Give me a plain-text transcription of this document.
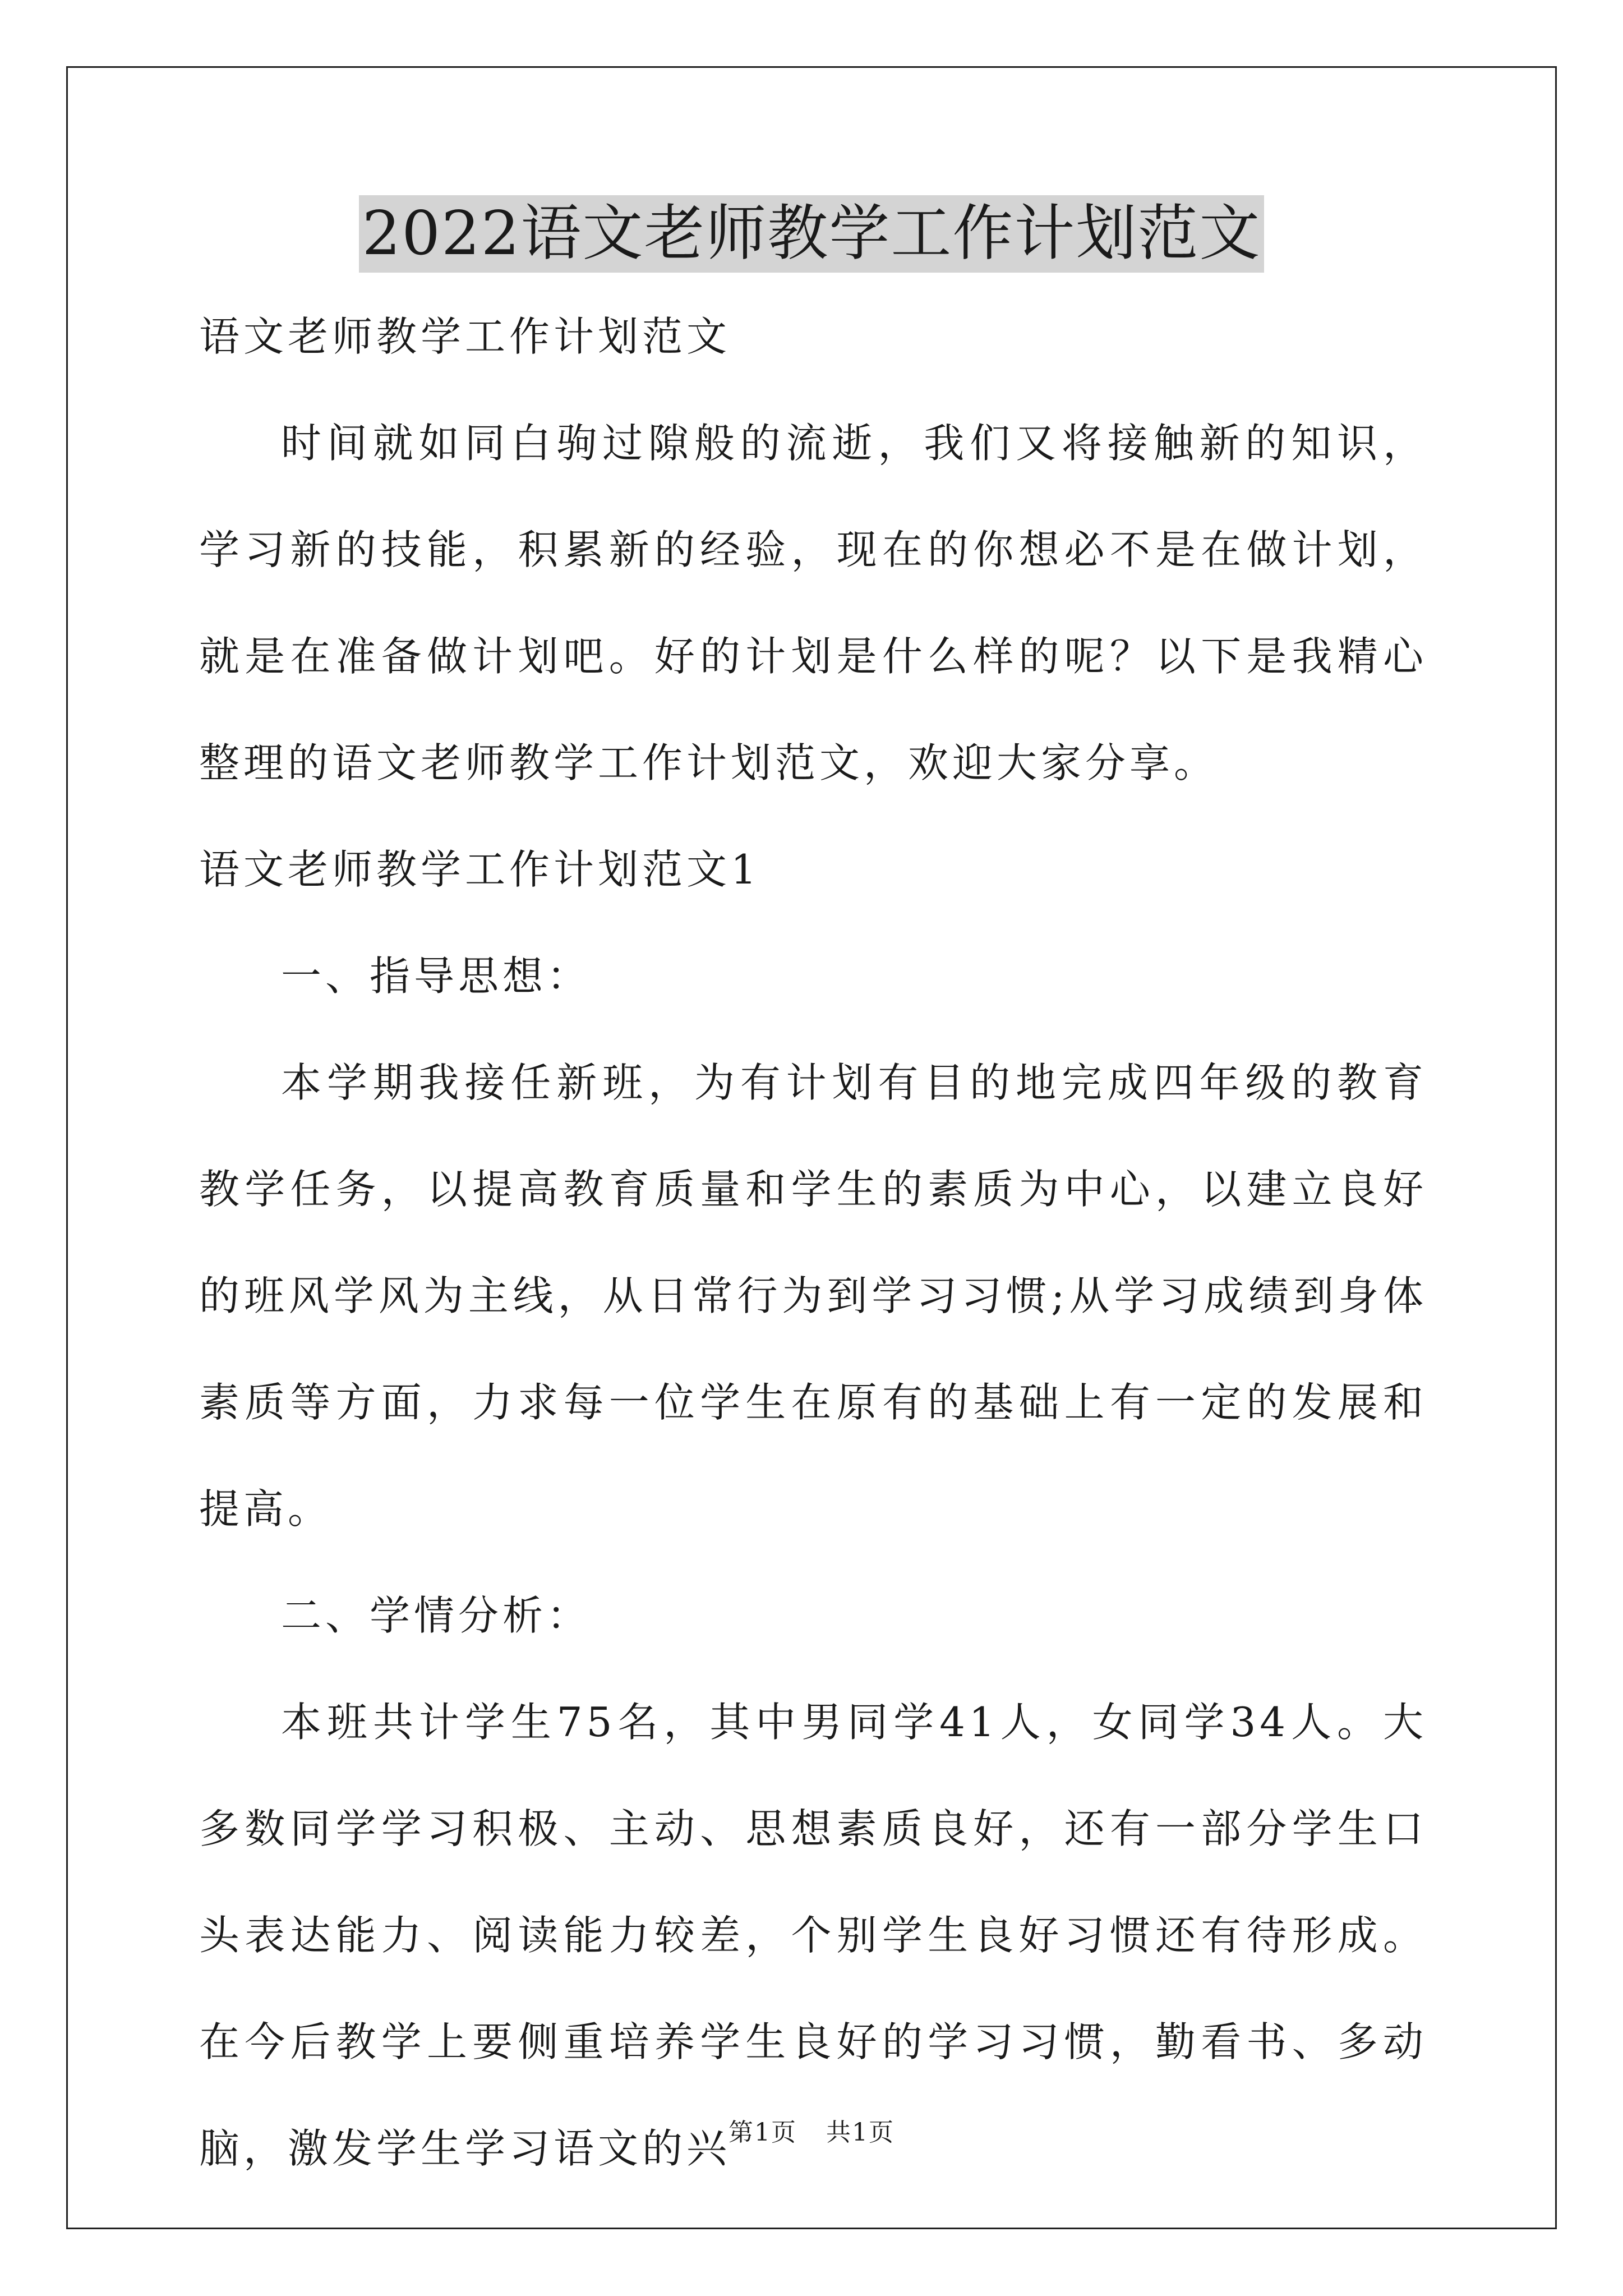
2022语文老师教学工作计划范文

语文老师教学工作计划范文

时间就如同白驹过隙般的流逝，我们又将接触新的知识，学习新的技能，积累新的经验，现在的你想必不是在做计划，就是在准备做计划吧。好的计划是什么样的呢？以下是我精心整理的语文老师教学工作计划范文，欢迎大家分享。

语文老师教学工作计划范文1

一、指导思想：

本学期我接任新班，为有计划有目的地完成四年级的教育教学任务，以提高教育质量和学生的素质为中心，以建立良好的班风学风为主线，从日常行为到学习习惯;从学习成绩到身体素质等方面，力求每一位学生在原有的基础上有一定的发展和提高。

二、学情分析：

本班共计学生75名，其中男同学41人，女同学34人。大多数同学学习积极、主动、思想素质良好，还有一部分学生口头表达能力、阅读能力较差，个别学生良好习惯还有待形成。在今后教学上要侧重培养学生良好的学习习惯，勤看书、多动脑，激发学生学习语文的兴

第1页 共1页
